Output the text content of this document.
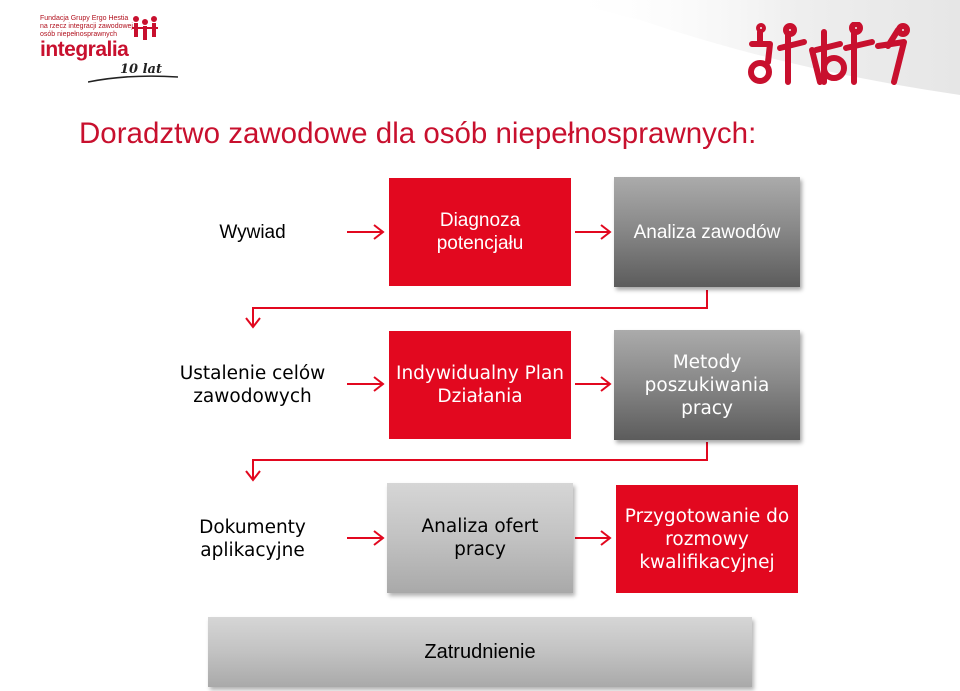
Fundacja Grupy Ergo Hestia
na rzecz integracji zawodowej
osób niepełnosprawnych
integralia
10 lat
Doradztwo zawodowe dla osób niepełnosprawnych:
Wywiad
Diagnoza potencjału
Analiza zawodów
Ustalenie celów zawodowych
Indywidualny Plan Działania
Metody poszukiwania pracy
Dokumenty aplikacyjne
Analiza ofert pracy
Przygotowanie do rozmowy kwalifikacyjnej
Zatrudnienie
